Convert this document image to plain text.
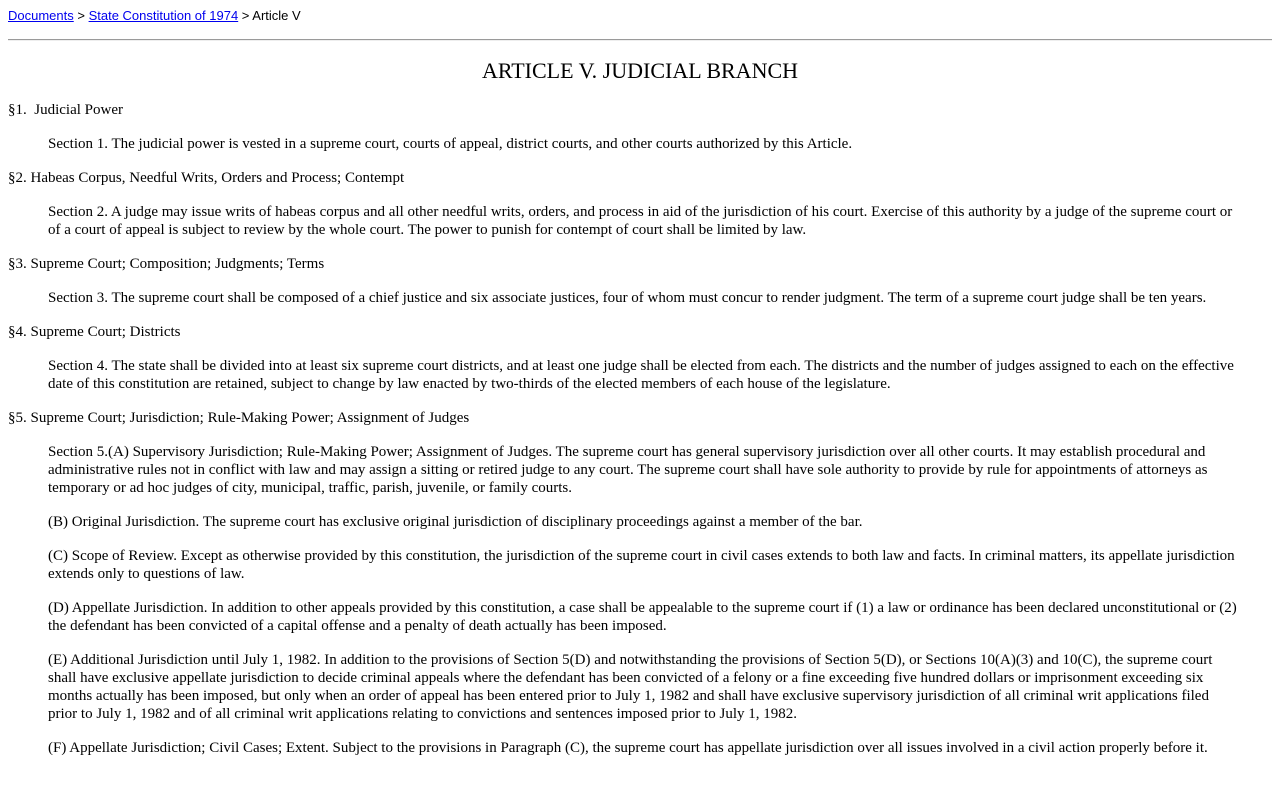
Documents > State Constitution of 1974 > Article V
ARTICLE V. JUDICIAL BRANCH
§1.  Judicial Power
Section 1. The judicial power is vested in a supreme court, courts of appeal, district courts, and other courts authorized by this Article.
§2. Habeas Corpus, Needful Writs, Orders and Process; Contempt
Section 2. A judge may issue writs of habeas corpus and all other needful writs, orders, and process in aid of the jurisdiction of his court. Exercise of this authority by a judge of the supreme court or of a court of appeal is subject to review by the whole court. The power to punish for contempt of court shall be limited by law.
§3. Supreme Court; Composition; Judgments; Terms
Section 3. The supreme court shall be composed of a chief justice and six associate justices, four of whom must concur to render judgment. The term of a supreme court judge shall be ten years.
§4. Supreme Court; Districts
Section 4. The state shall be divided into at least six supreme court districts, and at least one judge shall be elected from each. The districts and the number of judges assigned to each on the effective date of this constitution are retained, subject to change by law enacted by two-thirds of the elected members of each house of the legislature.
§5. Supreme Court; Jurisdiction; Rule-Making Power; Assignment of Judges
Section 5.(A) Supervisory Jurisdiction; Rule-Making Power; Assignment of Judges. The supreme court has general supervisory jurisdiction over all other courts. It may establish procedural and administrative rules not in conflict with law and may assign a sitting or retired judge to any court. The supreme court shall have sole authority to provide by rule for appointments of attorneys as temporary or ad hoc judges of city, municipal, traffic, parish, juvenile, or family courts.
(B) Original Jurisdiction. The supreme court has exclusive original jurisdiction of disciplinary proceedings against a member of the bar.
(C) Scope of Review. Except as otherwise provided by this constitution, the jurisdiction of the supreme court in civil cases extends to both law and facts. In criminal matters, its appellate jurisdiction extends only to questions of law.
(D) Appellate Jurisdiction. In addition to other appeals provided by this constitution, a case shall be appealable to the supreme court if (1) a law or ordinance has been declared unconstitutional or (2) the defendant has been convicted of a capital offense and a penalty of death actually has been imposed.
(E) Additional Jurisdiction until July 1, 1982. In addition to the provisions of Section 5(D) and notwithstanding the provisions of Section 5(D), or Sections 10(A)(3) and 10(C), the supreme court shall have exclusive appellate jurisdiction to decide criminal appeals where the defendant has been convicted of a felony or a fine exceeding five hundred dollars or imprisonment exceeding six months actually has been imposed, but only when an order of appeal has been entered prior to July 1, 1982 and shall have exclusive supervisory jurisdiction of all criminal writ applications filed prior to July 1, 1982 and of all criminal writ applications relating to convictions and sentences imposed prior to July 1, 1982.
(F) Appellate Jurisdiction; Civil Cases; Extent. Subject to the provisions in Paragraph (C), the supreme court has appellate jurisdiction over all issues involved in a civil action properly before it.
